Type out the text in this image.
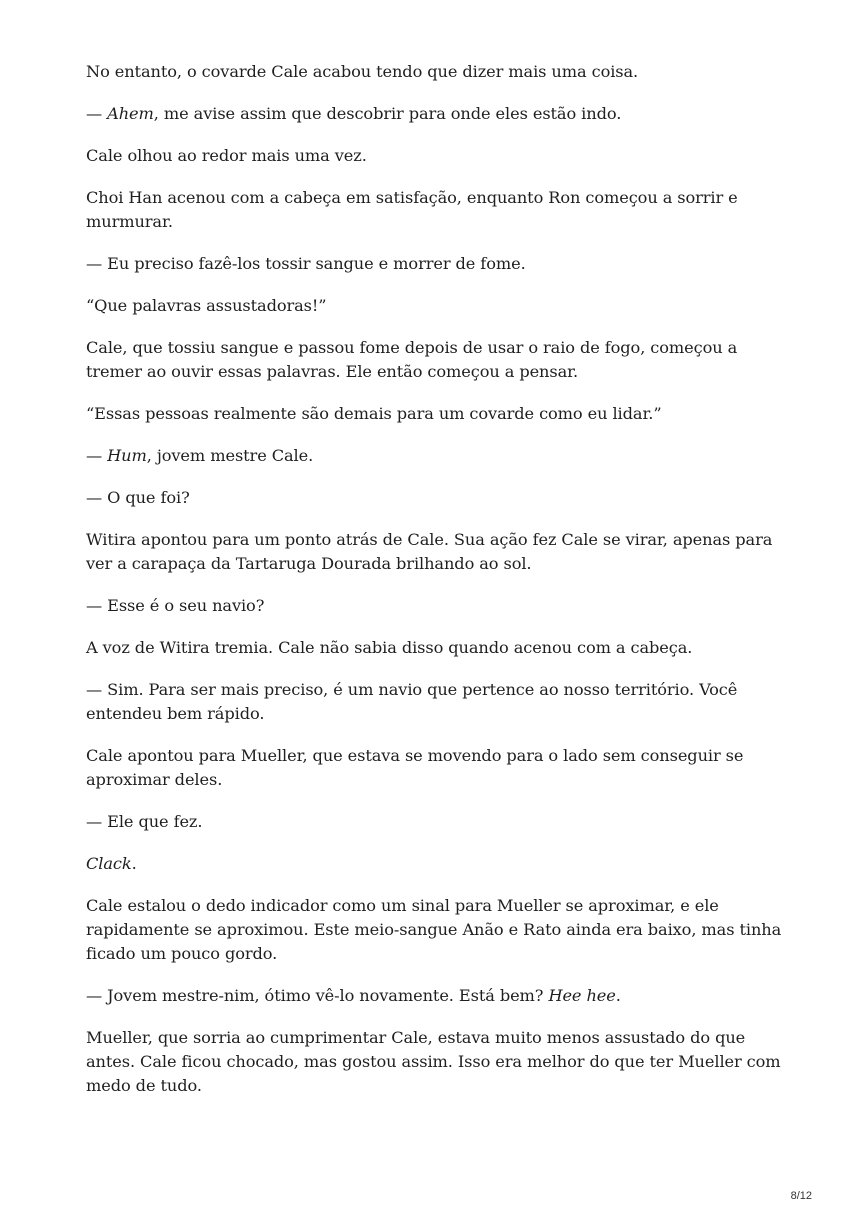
No entanto, o covarde Cale acabou tendo que dizer mais uma coisa.

— Ahem, me avise assim que descobrir para onde eles estão indo.

Cale olhou ao redor mais uma vez.

Choi Han acenou com a cabeça em satisfação, enquanto Ron começou a sorrir e murmurar.

— Eu preciso fazê-los tossir sangue e morrer de fome.

“Que palavras assustadoras!”

Cale, que tossiu sangue e passou fome depois de usar o raio de fogo, começou a tremer ao ouvir essas palavras. Ele então começou a pensar.

“Essas pessoas realmente são demais para um covarde como eu lidar.”

— Hum, jovem mestre Cale.

— O que foi?

Witira apontou para um ponto atrás de Cale. Sua ação fez Cale se virar, apenas para ver a carapaça da Tartaruga Dourada brilhando ao sol.

— Esse é o seu navio?

A voz de Witira tremia. Cale não sabia disso quando acenou com a cabeça.

— Sim. Para ser mais preciso, é um navio que pertence ao nosso território. Você entendeu bem rápido.

Cale apontou para Mueller, que estava se movendo para o lado sem conseguir se aproximar deles.

— Ele que fez.

Clack.

Cale estalou o dedo indicador como um sinal para Mueller se aproximar, e ele rapidamente se aproximou. Este meio-sangue Anão e Rato ainda era baixo, mas tinha ficado um pouco gordo.

— Jovem mestre-nim, ótimo vê-lo novamente. Está bem? Hee hee.

Mueller, que sorria ao cumprimentar Cale, estava muito menos assustado do que antes. Cale ficou chocado, mas gostou assim. Isso era melhor do que ter Mueller com medo de tudo.

8/12
